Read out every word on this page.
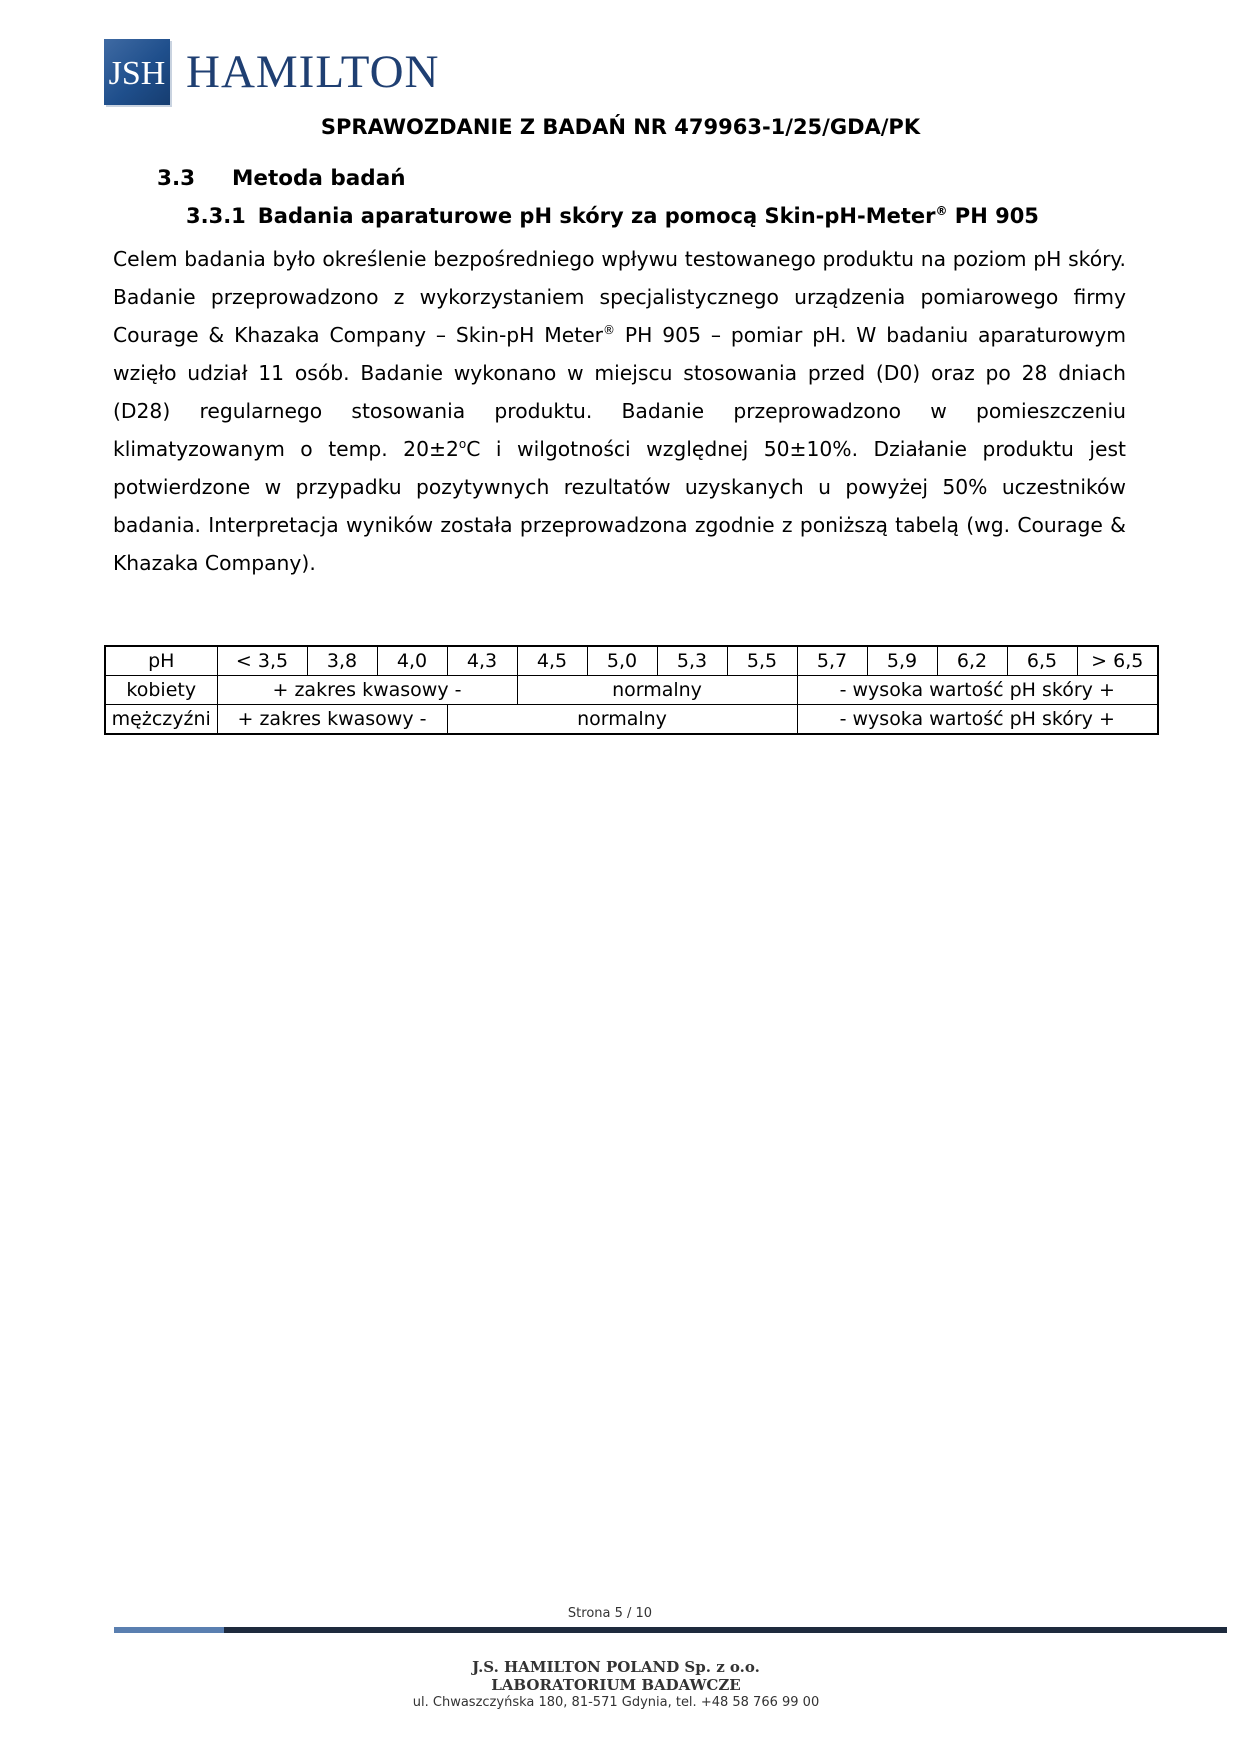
JSH HAMILTON
SPRAWOZDANIE Z BADAŃ NR 479963-1/25/GDA/PK
3.3 Metoda badań
3.3.1 Badania aparaturowe pH skóry za pomocą Skin-pH-Meter® PH 905

Celem badania było określenie bezpośredniego wpływu testowanego produktu na poziom pH skóry. Badanie przeprowadzono z wykorzystaniem specjalistycznego urządzenia pomiarowego firmy Courage & Khazaka Company – Skin-pH Meter® PH 905 – pomiar pH. W badaniu aparaturowym wzięło udział 11 osób. Badanie wykonano w miejscu stosowania przed (D0) oraz po 28 dniach (D28) regularnego stosowania produktu. Badanie przeprowadzono w pomieszczeniu klimatyzowanym o temp. $20\pm 2^oC$ i wilgotności względnej 50±10%. Działanie produktu jest potwierdzone w przypadku pozytywnych rezultatów uzyskanych u powyżej 50% uczestników badania. Interpretacja wyników została przeprowadzona zgodnie z poniższą tabelą (wg. Courage & Khazaka Company).

pH	< 3,5	3,8	4,0	4,3	4,5	5,0	5,3	5,5	5,7	5,9	6,2	6,5	> 6,5
kobiety	+ zakres kwasowy -				normalny				- wysoka wartość pH skóry +				
mężczyźni	+ zakres kwasowy -			normalny					- wysoka wartość pH skóry +				
Strona 5 / 10
J.S. HAMILTON POLAND Sp. z o.o.
LABORATORIUM BADAWCZE
ul. Chwaszczyńska 180, 81-571 Gdynia, tel. +48 58 766 99 00
